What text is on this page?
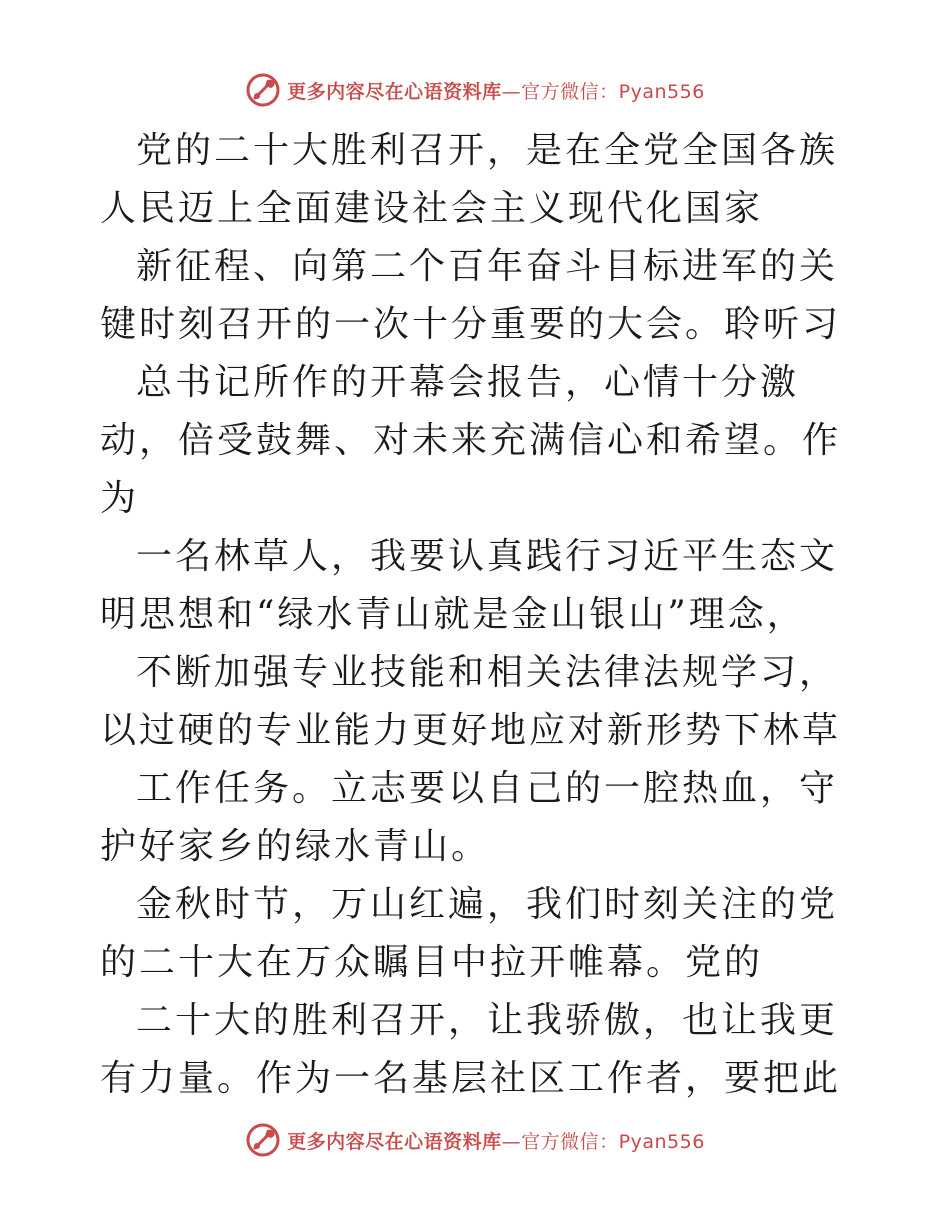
更多内容尽在心语资料库—官方微信：Pyan556

党的二十大胜利召开，是在全党全国各族人民迈上全面建设社会主义现代化国家

新征程、向第二个百年奋斗目标进军的关键时刻召开的一次十分重要的大会。聆听习

总书记所作的开幕会报告，心情十分激动，倍受鼓舞、对未来充满信心和希望。作为

一名林草人，我要认真践行习近平生态文明思想和“绿水青山就是金山银山”理念，

不断加强专业技能和相关法律法规学习，以过硬的专业能力更好地应对新形势下林草

工作任务。立志要以自己的一腔热血，守护好家乡的绿水青山。

金秋时节，万山红遍，我们时刻关注的党的二十大在万众瞩目中拉开帷幕。党的

二十大的胜利召开，让我骄傲，也让我更有力量。作为一名基层社区工作者，要把此

更多内容尽在心语资料库—官方微信：Pyan556
